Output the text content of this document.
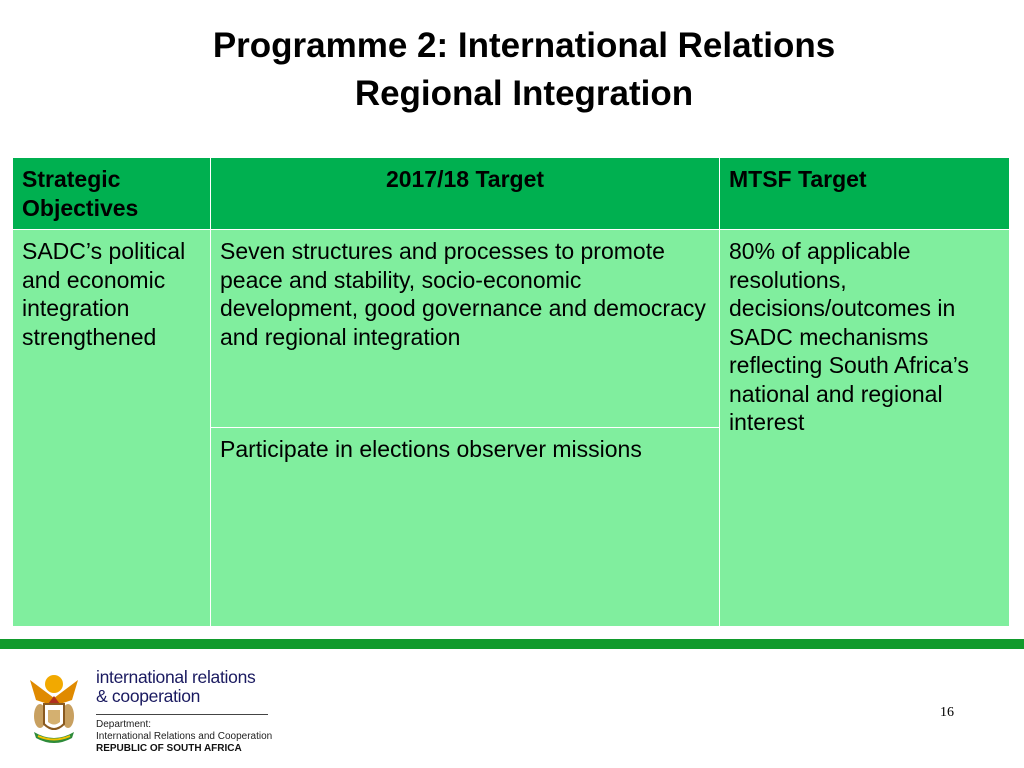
Programme 2: International Relations
Regional Integration
Strategic Objectives	2017/18 Target	MTSF Target
SADC’s political and economic integration strengthened	Seven structures and processes to promote peace and stability, socio-economic development, good governance and democracy and regional integration	80% of applicable resolutions, decisions/outcomes in SADC mechanisms reflecting South Africa’s national and regional interest
	Participate in elections observer missions	
international relations
& cooperation
Department:
International Relations and Cooperation
REPUBLIC OF SOUTH AFRICA
16
